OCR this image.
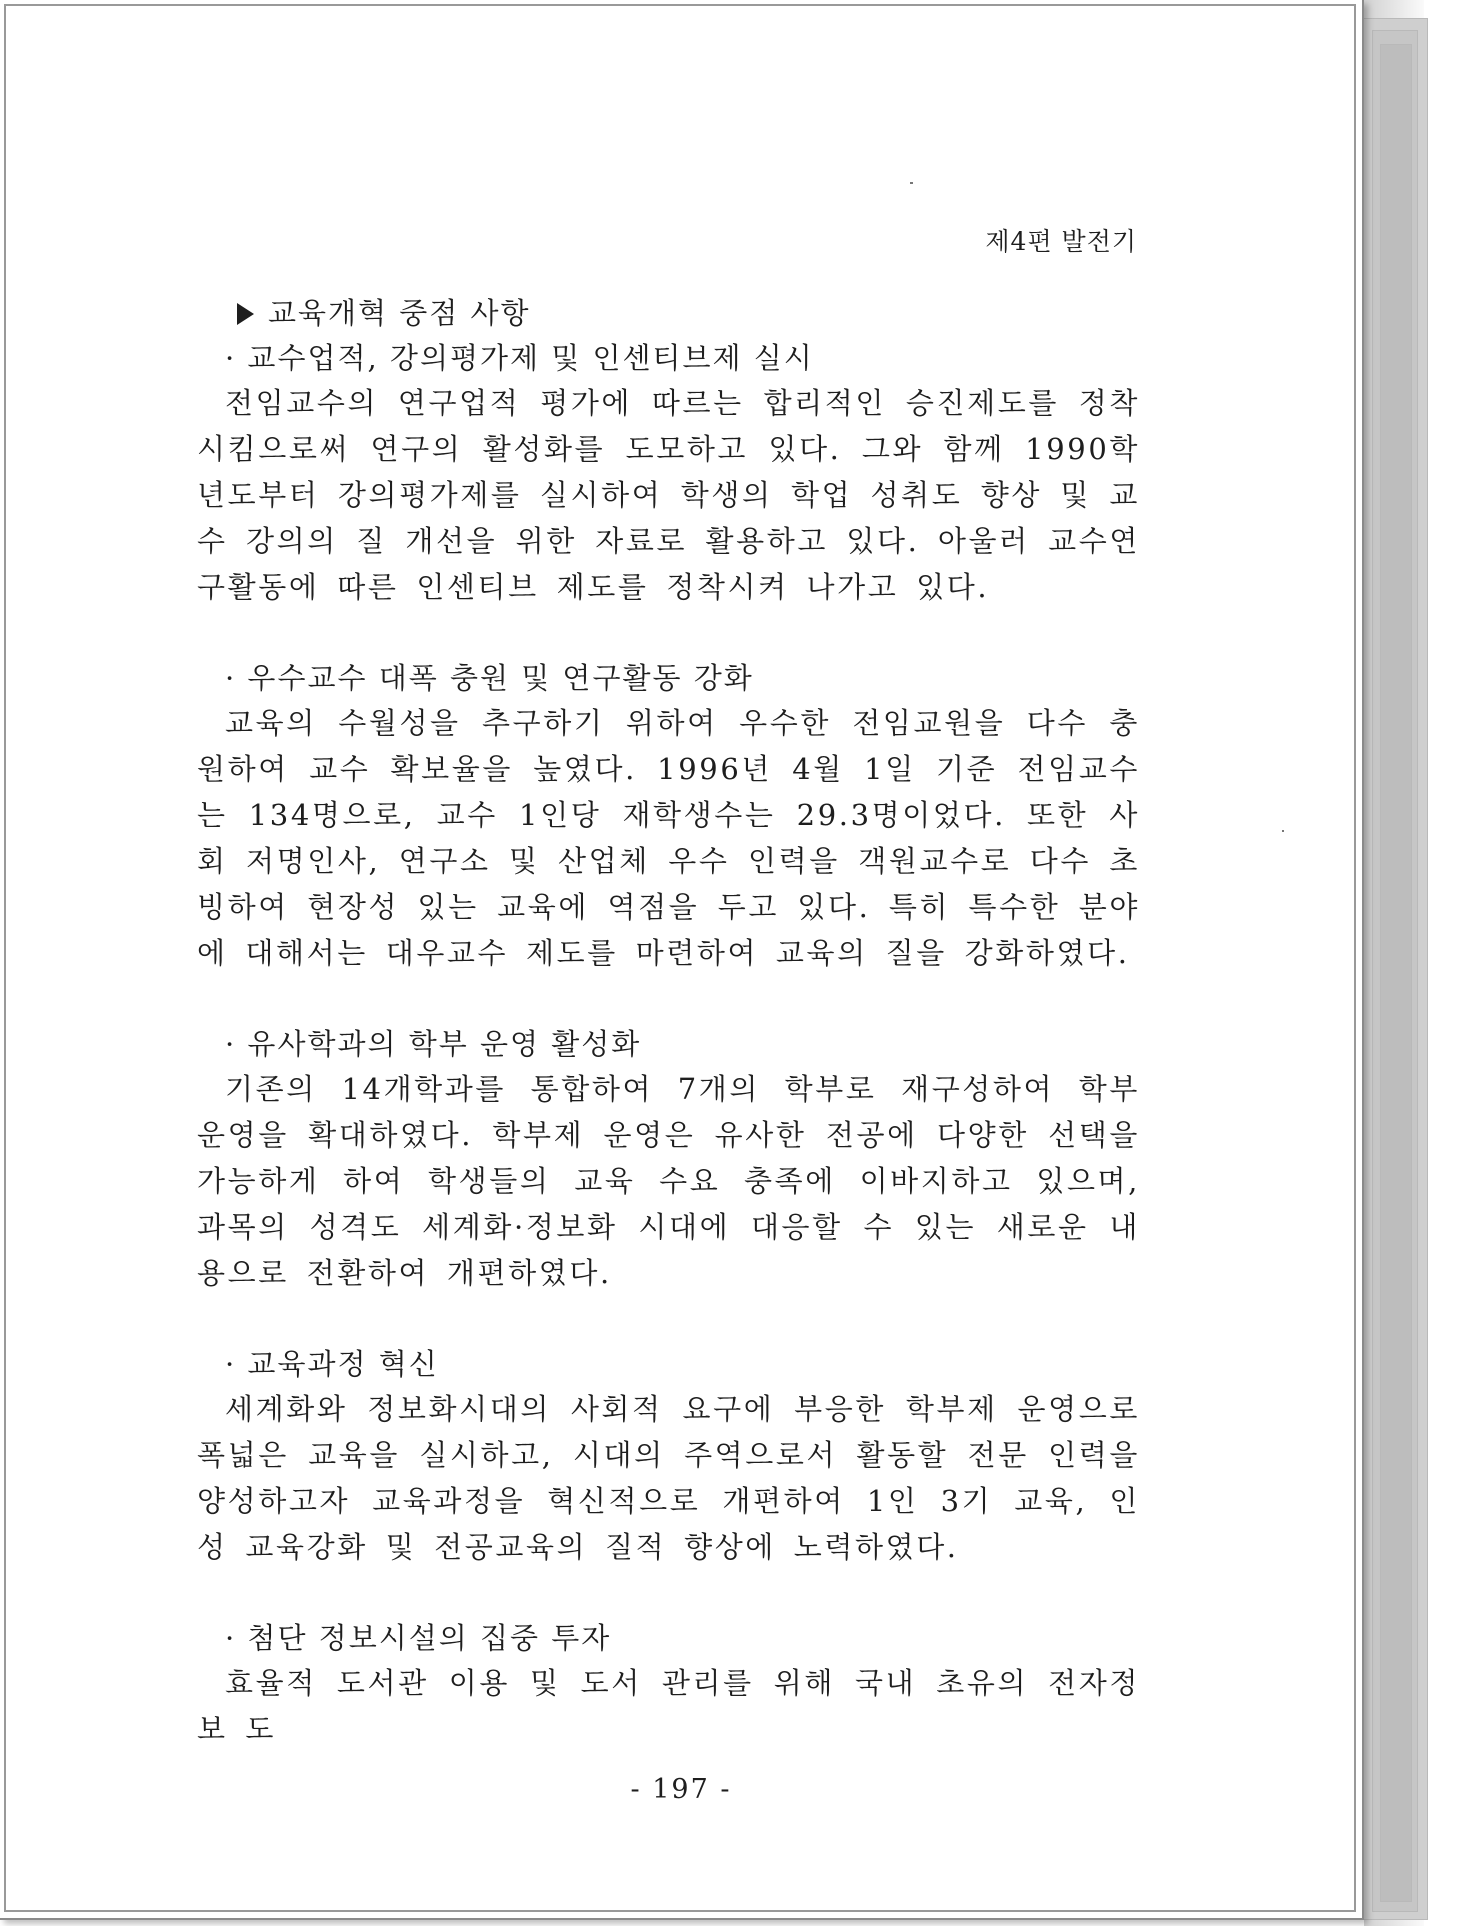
제4편 발전기
교육개혁 중점 사항
· 교수업적, 강의평가제 및 인센티브제 실시

전임교수의 연구업적 평가에 따르는 합리적인 승진제도를 정착시킴으로써 연구의 활성화를 도모하고 있다. 그와 함께 1990학년도부터 강의평가제를 실시하여 학생의 학업 성취도 향상 및 교수 강의의 질 개선을 위한 자료로 활용하고 있다. 아울러 교수연구활동에 따른 인센티브 제도를 정착시켜 나가고 있다.

· 우수교수 대폭 충원 및 연구활동 강화

교육의 수월성을 추구하기 위하여 우수한 전임교원을 다수 충원하여 교수 확보율을 높였다. 1996년 4월 1일 기준 전임교수는 134명으로, 교수 1인당 재학생수는 29.3명이었다. 또한 사회 저명인사, 연구소 및 산업체 우수 인력을 객원교수로 다수 초빙하여 현장성 있는 교육에 역점을 두고 있다. 특히 특수한 분야에 대해서는 대우교수 제도를 마련하여 교육의 질을 강화하였다.

· 유사학과의 학부 운영 활성화

기존의 14개학과를 통합하여 7개의 학부로 재구성하여 학부 운영을 확대하였다. 학부제 운영은 유사한 전공에 다양한 선택을 가능하게 하여 학생들의 교육 수요 충족에 이바지하고 있으며, 과목의 성격도 세계화·정보화 시대에 대응할 수 있는 새로운 내용으로 전환하여 개편하였다.

· 교육과정 혁신

세계화와 정보화시대의 사회적 요구에 부응한 학부제 운영으로 폭넓은 교육을 실시하고, 시대의 주역으로서 활동할 전문 인력을 양성하고자 교육과정을 혁신적으로 개편하여 1인 3기 교육, 인성 교육강화 및 전공교육의 질적 향상에 노력하였다.

· 첨단 정보시설의 집중 투자

효율적 도서관 이용 및 도서 관리를 위해 국내 초유의 전자정보 도

- 197 -
